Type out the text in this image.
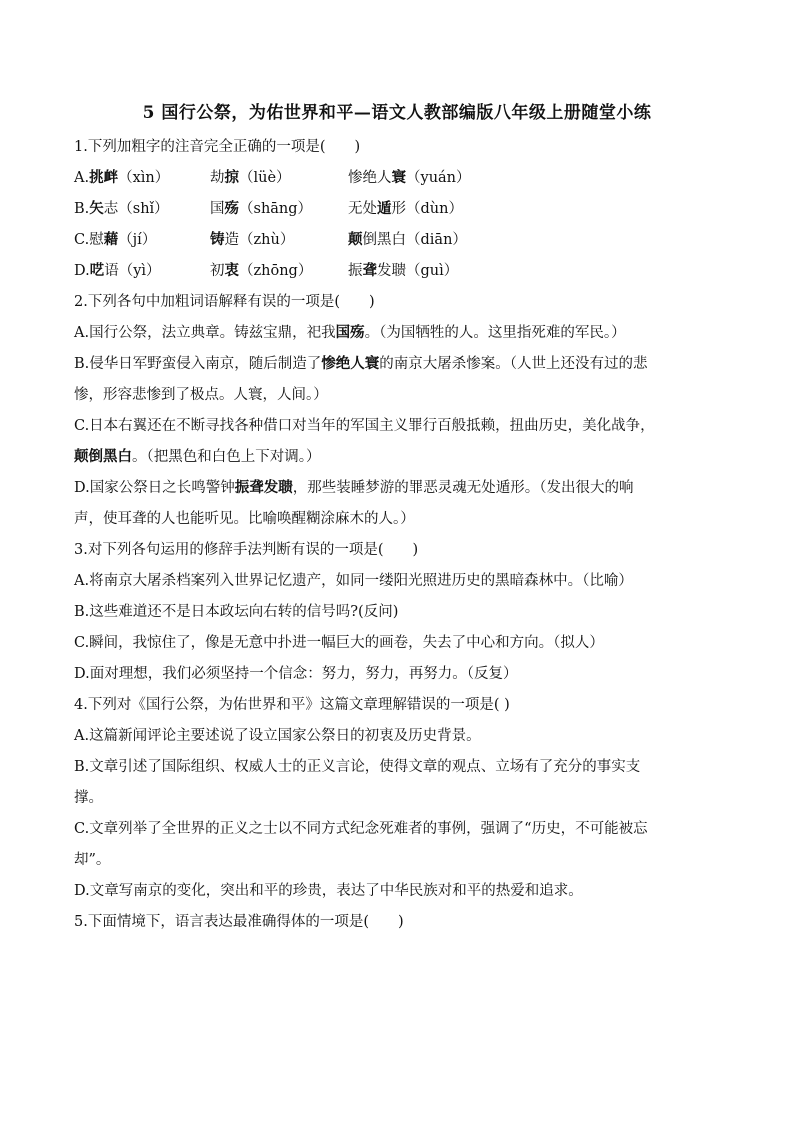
5 国行公祭，为佑世界和平—语文人教部编版八年级上册随堂小练
1.下列加粗字的注音完全正确的一项是(　　)
A.挑衅（xìn）	劫掠（lüè）	惨绝人寰（yuán）
B.矢志（shǐ）	国殇（shāng） 无处遁形（dùn）
C.慰藉（jí）	铸造（zhù）	颠倒黑白（diān）
D.呓语（yì）	初衷（zhōng） 振聋发聩（guì）
2.下列各句中加粗词语解释有误的一项是(　　)
A.国行公祭，法立典章。铸兹宝鼎，祀我国殇。（为国牺牲的人。这里指死难的军民。）
B.侵华日军野蛮侵入南京，随后制造了惨绝人寰的南京大屠杀惨案。（人世上还没有过的悲
惨，形容悲惨到了极点。人寰，人间。）
C.日本右翼还在不断寻找各种借口对当年的军国主义罪行百般抵赖，扭曲历史，美化战争，
颠倒黑白。（把黑色和白色上下对调。）
D.国家公祭日之长鸣警钟振聋发聩，那些装睡梦游的罪恶灵魂无处遁形。（发出很大的响
声，使耳聋的人也能听见。比喻唤醒糊涂麻木的人。）
3.对下列各句运用的修辞手法判断有误的一项是(　　)
A.将南京大屠杀档案列入世界记忆遗产，如同一缕阳光照进历史的黑暗森林中。（比喻）
B.这些难道还不是日本政坛向右转的信号吗?(反问)
C.瞬间，我惊住了，像是无意中扑进一幅巨大的画卷，失去了中心和方向。（拟人）
D.面对理想，我们必须坚持一个信念：努力，努力，再努力。（反复）
4.下列对《国行公祭，为佑世界和平》这篇文章理解错误的一项是( )
A.这篇新闻评论主要述说了设立国家公祭日的初衷及历史背景。
B.文章引述了国际组织、权威人士的正义言论，使得文章的观点、立场有了充分的事实支
撑。
C.文章列举了全世界的正义之士以不同方式纪念死难者的事例，强调了“历史，不可能被忘
却”。
D.文章写南京的变化，突出和平的珍贵，表达了中华民族对和平的热爱和追求。
5.下面情境下，语言表达最准确得体的一项是(　　)
